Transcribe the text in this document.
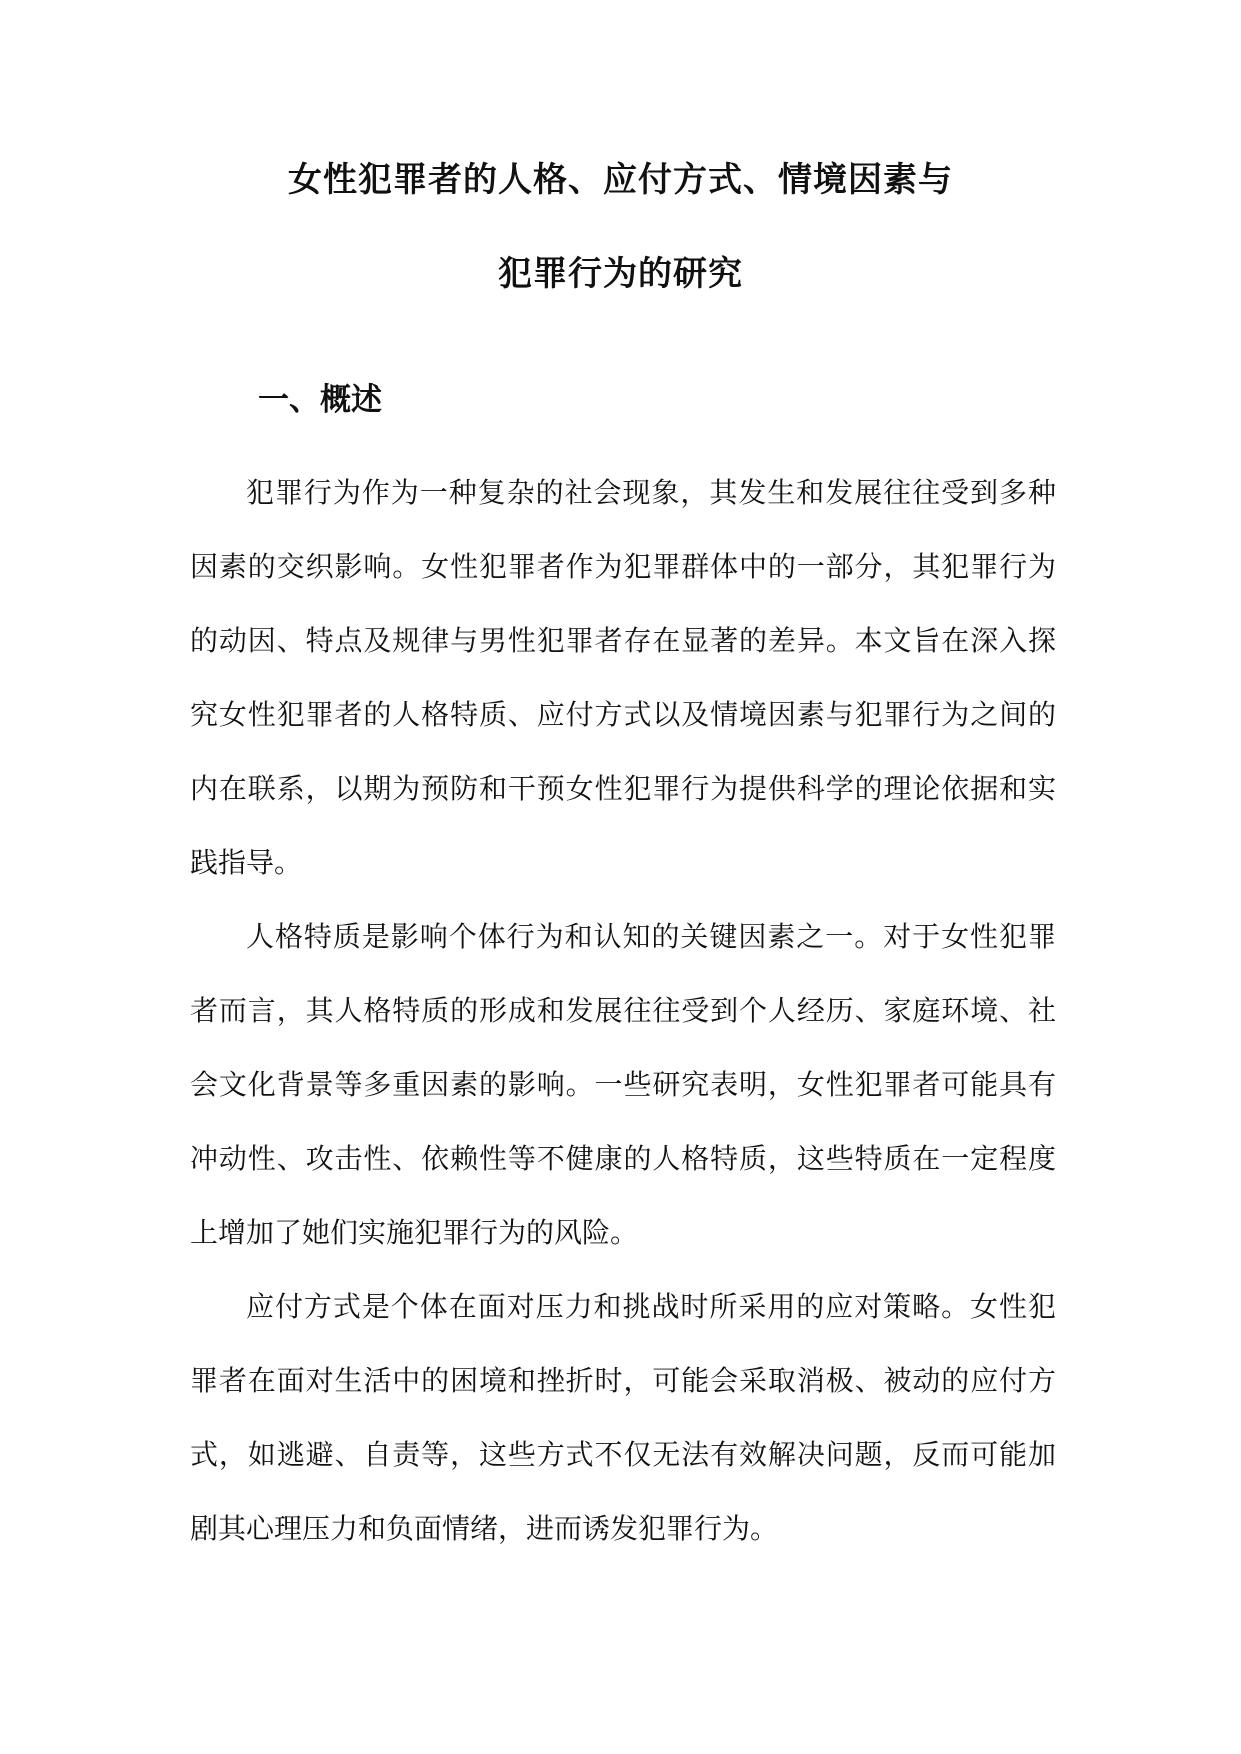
女性犯罪者的人格、应付方式、情境因素与
犯罪行为的研究
一、概述

犯罪行为作为一种复杂的社会现象，其发生和发展往往受到多种因素的交织影响。女性犯罪者作为犯罪群体中的一部分，其犯罪行为的动因、特点及规律与男性犯罪者存在显著的差异。本文旨在深入探究女性犯罪者的人格特质、应付方式以及情境因素与犯罪行为之间的内在联系，以期为预防和干预女性犯罪行为提供科学的理论依据和实践指导。

人格特质是影响个体行为和认知的关键因素之一。对于女性犯罪者而言，其人格特质的形成和发展往往受到个人经历、家庭环境、社会文化背景等多重因素的影响。一些研究表明，女性犯罪者可能具有冲动性、攻击性、依赖性等不健康的人格特质，这些特质在一定程度上增加了她们实施犯罪行为的风险。

应付方式是个体在面对压力和挑战时所采用的应对策略。女性犯罪者在面对生活中的困境和挫折时，可能会采取消极、被动的应付方式，如逃避、自责等，这些方式不仅无法有效解决问题，反而可能加剧其心理压力和负面情绪，进而诱发犯罪行为。
